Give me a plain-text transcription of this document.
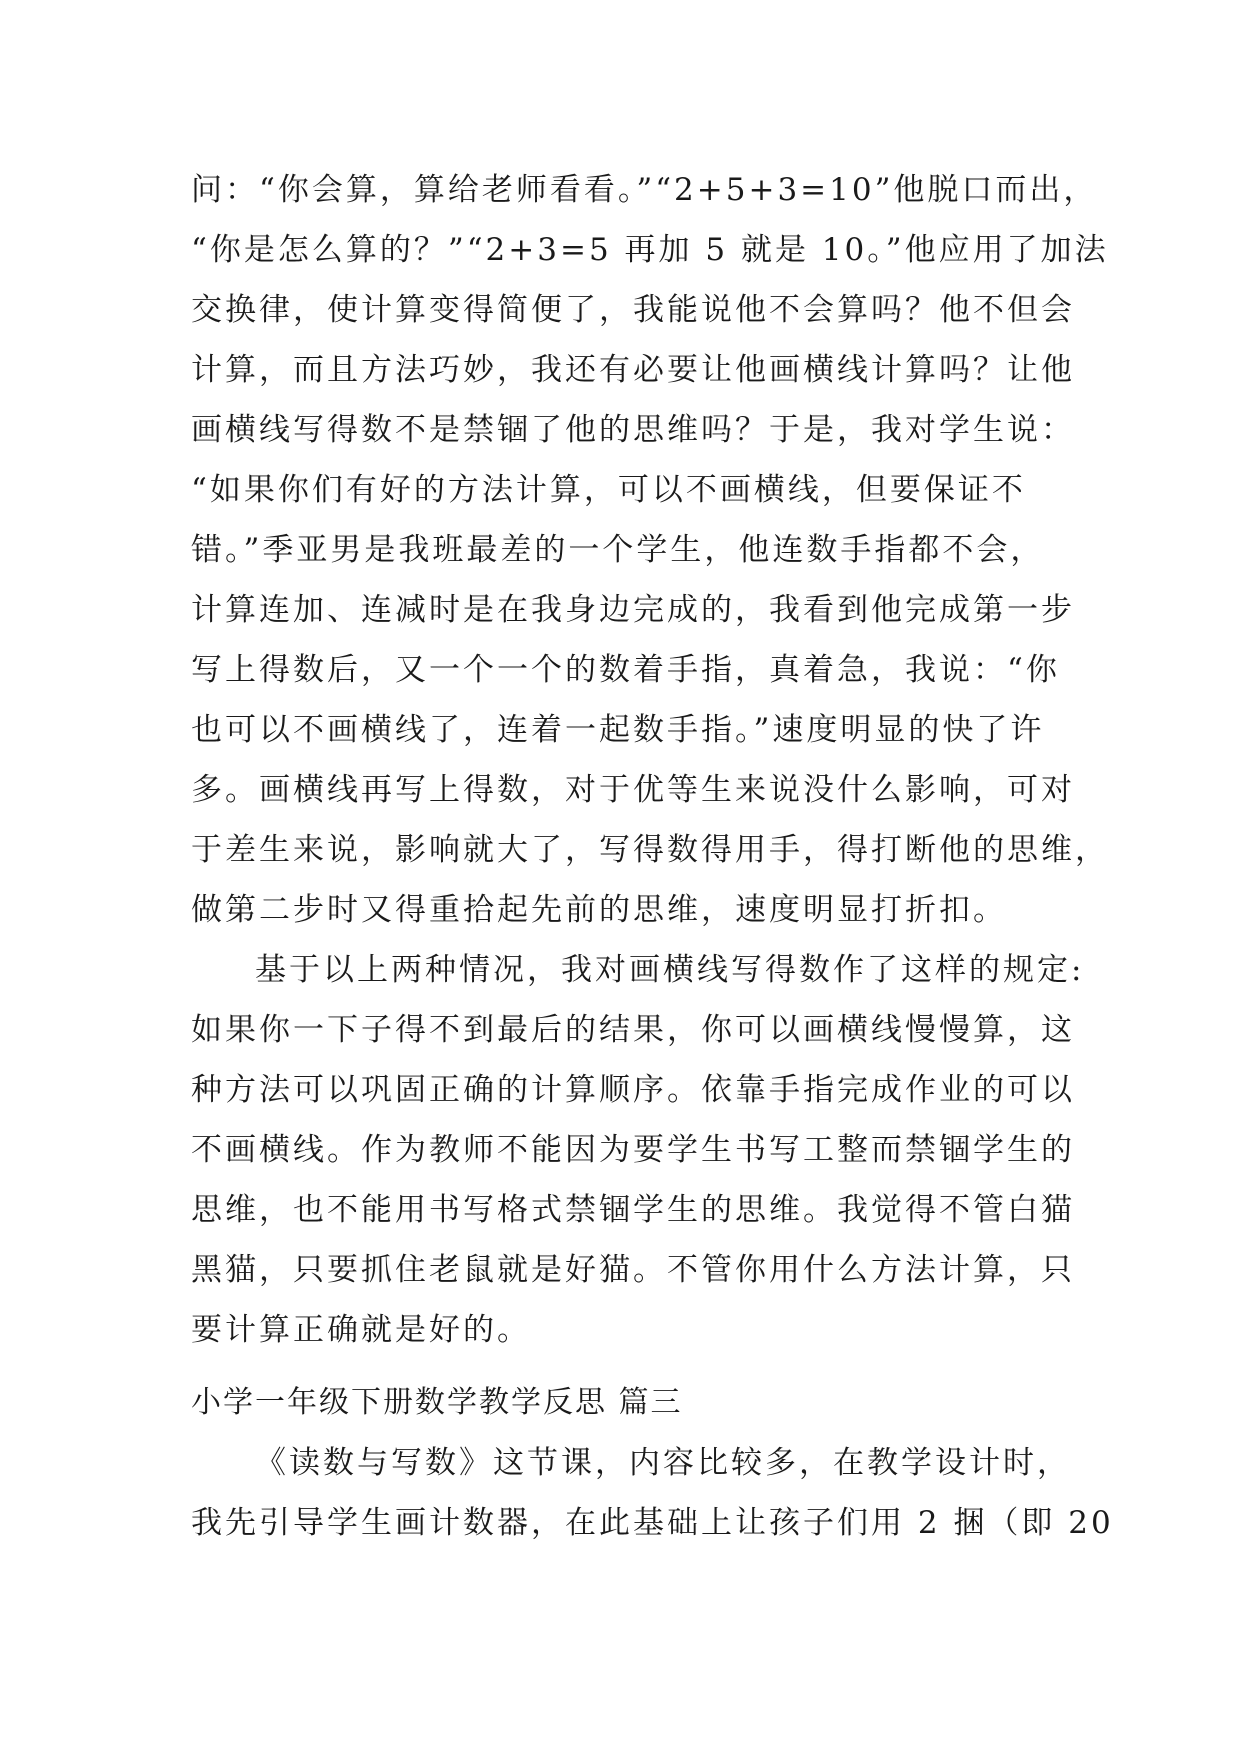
问：“你会算，算给老师看看。”“2+5+3=10”他脱口而出，
“你是怎么算的？”“2+3=5 再加 5 就是 10。”他应用了加法
交换律，使计算变得简便了，我能说他不会算吗？他不但会
计算，而且方法巧妙，我还有必要让他画横线计算吗？让他
画横线写得数不是禁锢了他的思维吗？于是，我对学生说：
“如果你们有好的方法计算，可以不画横线，但要保证不
错。”季亚男是我班最差的一个学生，他连数手指都不会，
计算连加、连减时是在我身边完成的，我看到他完成第一步
写上得数后，又一个一个的数着手指，真着急，我说：“你
也可以不画横线了，连着一起数手指。”速度明显的快了许
多。画横线再写上得数，对于优等生来说没什么影响，可对
于差生来说，影响就大了，写得数得用手，得打断他的思维，
做第二步时又得重拾起先前的思维，速度明显打折扣。
基于以上两种情况，我对画横线写得数作了这样的规定:
如果你一下子得不到最后的结果，你可以画横线慢慢算，这
种方法可以巩固正确的计算顺序。依靠手指完成作业的可以
不画横线。作为教师不能因为要学生书写工整而禁锢学生的
思维，也不能用书写格式禁锢学生的思维。我觉得不管白猫
黑猫，只要抓住老鼠就是好猫。不管你用什么方法计算，只
要计算正确就是好的。
小学一年级下册数学教学反思 篇三
《读数与写数》这节课，内容比较多，在教学设计时，
我先引导学生画计数器，在此基础上让孩子们用 2 捆（即 20
